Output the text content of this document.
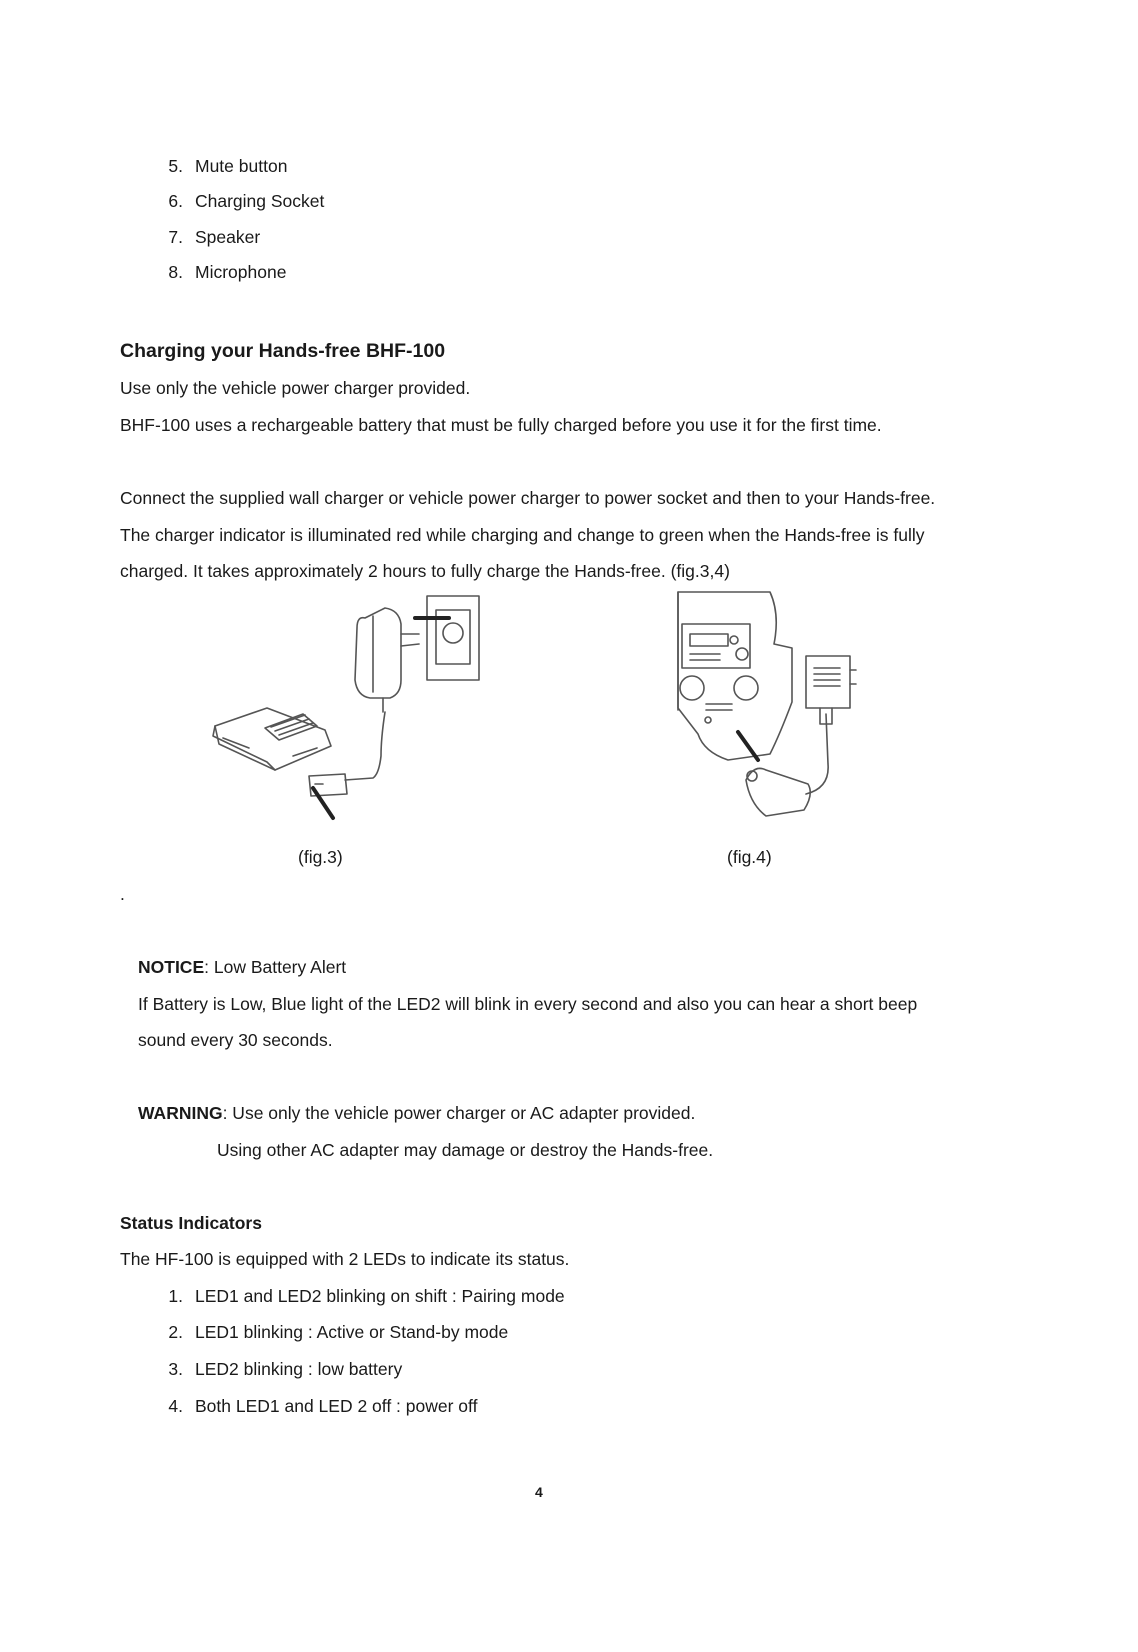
5. Mute button
6. Charging Socket
7. Speaker
8. Microphone
Charging your Hands-free BHF-100
Use only the vehicle power charger provided.
BHF-100 uses a rechargeable battery that must be fully charged before you use it for the first time.
Connect the supplied wall charger or vehicle power charger to power socket and then to your Hands-free.
The charger indicator is illuminated red while charging and change to green when the Hands-free is fully
charged. It takes approximately 2 hours to fully charge the Hands-free. (fig.3,4)
(fig.3)	(fig.4)
.
NOTICE: Low Battery Alert
If Battery is Low, Blue light of the LED2 will blink in every second and also you can hear a short beep
sound every 30 seconds.
WARNING: Use only the vehicle power charger or AC adapter provided.
Using other AC adapter may damage or destroy the Hands-free.
Status Indicators
The HF-100 is equipped with 2 LEDs to indicate its status.
1. LED1 and LED2 blinking on shift : Pairing mode
2. LED1 blinking : Active or Stand-by mode
3. LED2 blinking : low battery
4. Both LED1 and LED 2 off : power off
4
